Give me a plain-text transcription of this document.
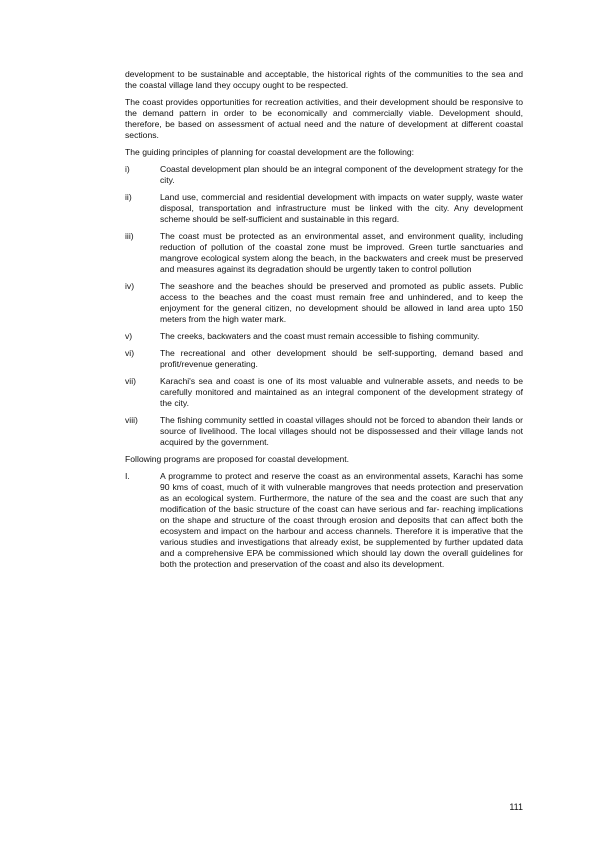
development to be sustainable and acceptable, the historical rights of the communities to the sea and the coastal village land they occupy ought to be respected.

The coast provides opportunities for recreation activities, and their development should be responsive to the demand pattern in order to be economically and commercially viable. Development should, therefore, be based on assessment of actual need and the nature of development at different coastal sections.

The guiding principles of planning for coastal development are the following:

i)	Coastal development plan should be an integral component of the development strategy for the city.
ii)	Land use, commercial and residential development with impacts on water supply, waste water disposal, transportation and infrastructure must be linked with the city. Any development scheme should be self-sufficient and sustainable in this regard.
iii)	The coast must be protected as an environmental asset, and environment quality, including reduction of pollution of the coastal zone must be improved. Green turtle sanctuaries and mangrove ecological system along the beach, in the backwaters and creek must be preserved and measures against its degradation should be urgently taken to control pollution
iv)	The seashore and the beaches should be preserved and promoted as public assets. Public access to the beaches and the coast must remain free and unhindered, and to keep the enjoyment for the general citizen, no development should be allowed in land area upto 150 meters from the high water mark.
v)	The creeks, backwaters and the coast must remain accessible to fishing community.
vi)	The recreational and other development should be self-supporting, demand based and profit/revenue generating.
vii)	Karachi's sea and coast is one of its most valuable and vulnerable assets, and needs to be carefully monitored and maintained as an integral component of the development strategy of the city.
viii)	The fishing community settled in coastal villages should not be forced to abandon their lands or source of livelihood. The local villages should not be dispossessed and their village lands not acquired by the government.

Following programs are proposed for coastal development.

I.	A programme to protect and reserve the coast as an environmental assets, Karachi has some 90 kms of coast, much of it with vulnerable mangroves that needs protection and preservation as an ecological system. Furthermore, the nature of the sea and the coast are such that any modification of the basic structure of the coast can have serious and far- reaching implications on the shape and structure of the coast through erosion and deposits that can affect both the ecosystem and impact on the harbour and access channels. Therefore it is imperative that the various studies and investigations that already exist, be supplemented by further updated data and a comprehensive EPA be commissioned which should lay down the overall guidelines for both the protection and preservation of the coast and also its development.
111
